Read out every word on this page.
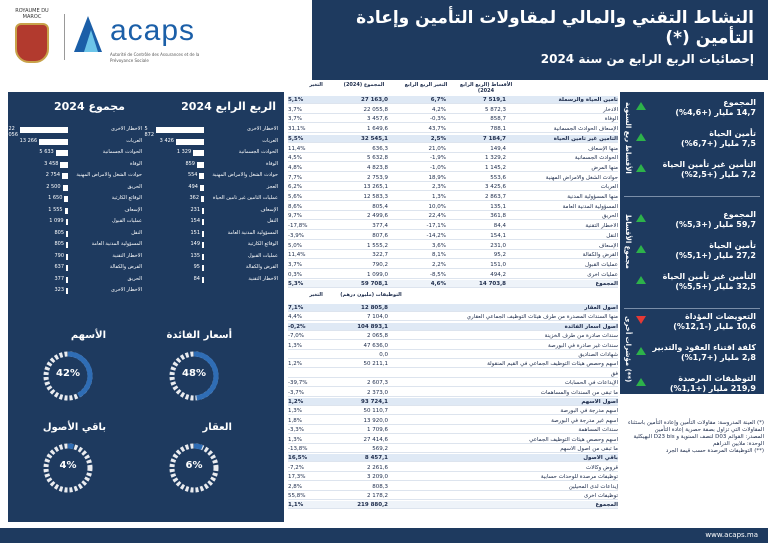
ROYAUME DU MAROC	acaps
Autorité de Contrôle des Assurances et de la Prévoyance Sociale
النشاط التقني والمالي لمقاولات التأمين وإعادة التأمين (*)
إحصائيات الربع الرابع من سنة 2024
الربع الرابع 2024
مجموع 2024
الأخطار الأخرى
22 056
العربات
13 266
الحوادث الجسمانية
5 633
الوفاة
3 458
حوادث الشغل والأمراض المهنية
2 754
الحريق
2 500
الوقائع الكارثية
1 650
الإسعاف
1 555
عمليات القبول
1 099
النقل
805
المسؤولية المدنية العامة
805
الأخطار التقنية
790
القرض والكفالة
637
الحريق
377
الأخطار الأخرى
323
الأخطار الأخرى
5 872
العربات
3 426
الحوادث الجسمانية
1 329
الوفاة
859
حوادث الشغل والأمراض المهنية
554
العجز
494
عمليات التأمين غير تأمين الحياة
362
الإسعاف
231
النقل
154
المسؤولية المدنية العامة
151
الوقائع الكارثية
149
عمليات القبول
135
القرض والكفالة
95
الأخطار التقنية
84
أسعار الفائدة
48%
الأسهم
42%
العقار
6%
باقي الأصول
4%
التغير	المجموع (2024)	التغير الربع الرابع	الأقساط (الربع الرابع 2024)
تأمين الحياة والرسملة
5,1%	27 163,0	6,7%	7 519,1
الادخار
3,7%	22 055,8	4,2%	5 872,3
الوفاة
3,7%	3 457,6	-0,3%	858,7
الإسعاف الحوادث الجسمانية
31,1%	1 649,6	43,7%	788,1
التأمين غير تأمين الحياة
5,5%	32 545,1	2,5%	7 184,7
منها الإسعاف
11,4%	636,3	21,0%	149,4
الحوادث الجسمانية
4,5%	5 632,8	-1,9%	1 329,2
منها المرض
4,8%	4 823,8	-1,0%	1 145,2
حوادث الشغل والأمراض المهنية
7,7%	2 753,9	18,9%	553,6
العربات
6,2%	13 265,1	2,3%	3 425,6
منها المسؤولية المدنية
5,6%	12 583,3	1,3%	2 863,7
المسؤولية المدنية العامة
8,6%	805,4	10,0%	135,1
الحريق
9,7%	2 499,6	22,4%	361,8
الأخطار التقنية
-17,8%	377,4	-17,1%	84,4
النقل
-3,9%	807,6	-14,2%	154,1
الإسعاف
5,0%	1 555,2	3,6%	231,0
القرض والكفالة
11,4%	322,7	8,1%	95,2
عمليات القبول
3,7%	790,2	2,2%	151,0
عمليات أخرى
0,3%	1 099,0	-8,5%	494,2
المجموع
5,3%	59 708,1	4,6%	14 703,8
التغير	التوظيفات (مليون درهم)
أصول العقار
7,1%	12 805,8
منها السندات المصدرة من طرف هيئات التوظيف الجماعي العقاري
4,4%	7 104,0
أصول أسعار الفائدة
-0,2%	104 893,1
سندات صادرة من طرف الخزينة
-7,0%	2 065,8
سندات غير صادرة في البورصة
1,3%	47 636,0
شهادات الصناديق
0,0
أسهم وحصص هيئات التوظيف الجماعي في القيم المنقولة
1,2%	50 211,1
فق
الإيداعات في الحسابات
-39,7%	2 607,3
ما تبقى من السندات والمساهمات
-3,7%	2 373,0
أصول الأسهم
1,2%	93 724,1
أسهم مدرجة في البورصة
1,3%	50 110,7
أسهم غير مدرجة في البورصة
1,8%	13 920,0
سندات المساهمة
-3,3%	1 709,6
أسهم وحصص هيئات التوظيف الجماعي
1,3%	27 414,6
ما تبقى من أصول الأسهم
-13,8%	569,2
باقي الأصول
16,5%	8 457,1
قروض وكالات
-7,2%	2 261,6
توظيفات مرصدة للوحدات حسابية
17,3%	3 209,0
إيداعات لدى المحيلين
2,8%	808,3
توظيفات أخرى
55,8%	2 178,2
المجموع
1,1%	219 880,2
الأقساط ربع السنوية	المجموع
14,7 مليار (+4,6%)
تأمين الحياة
7,5 مليار (+6,7%)
التأمين غير تأمين الحياة
7,2 مليار (+2,5%)
مجموع الأقساط	المجموع
59,7 مليار (+5,3%)
تأمين الحياة
27,2 مليار (+5,1%)
التأمين غير تأمين الحياة
32,5 مليار (+5,5%)
مؤشرات أخرى (**)
التعويضات المؤداة
10,6 مليار (-12,1%)
كلفة اقتناء العقود والتدبير
2,8 مليار (+1,7%)
التوظيفات المرصدة
219,9 مليار (+1,1%)
(*) العينة المدروسة: مقاولات التأمين وإعادة التأمين باستثناء المقاولات التي تزاول بصفة حصرية إعادة التأمين
المصدر: القوائم D03 لنصف السنوية و D23 bis البهيكلية
الوحدة: ملايين الدراهم
(**) التوظيفات المرصدة حسب قيمة الجرد
www.acaps.ma
